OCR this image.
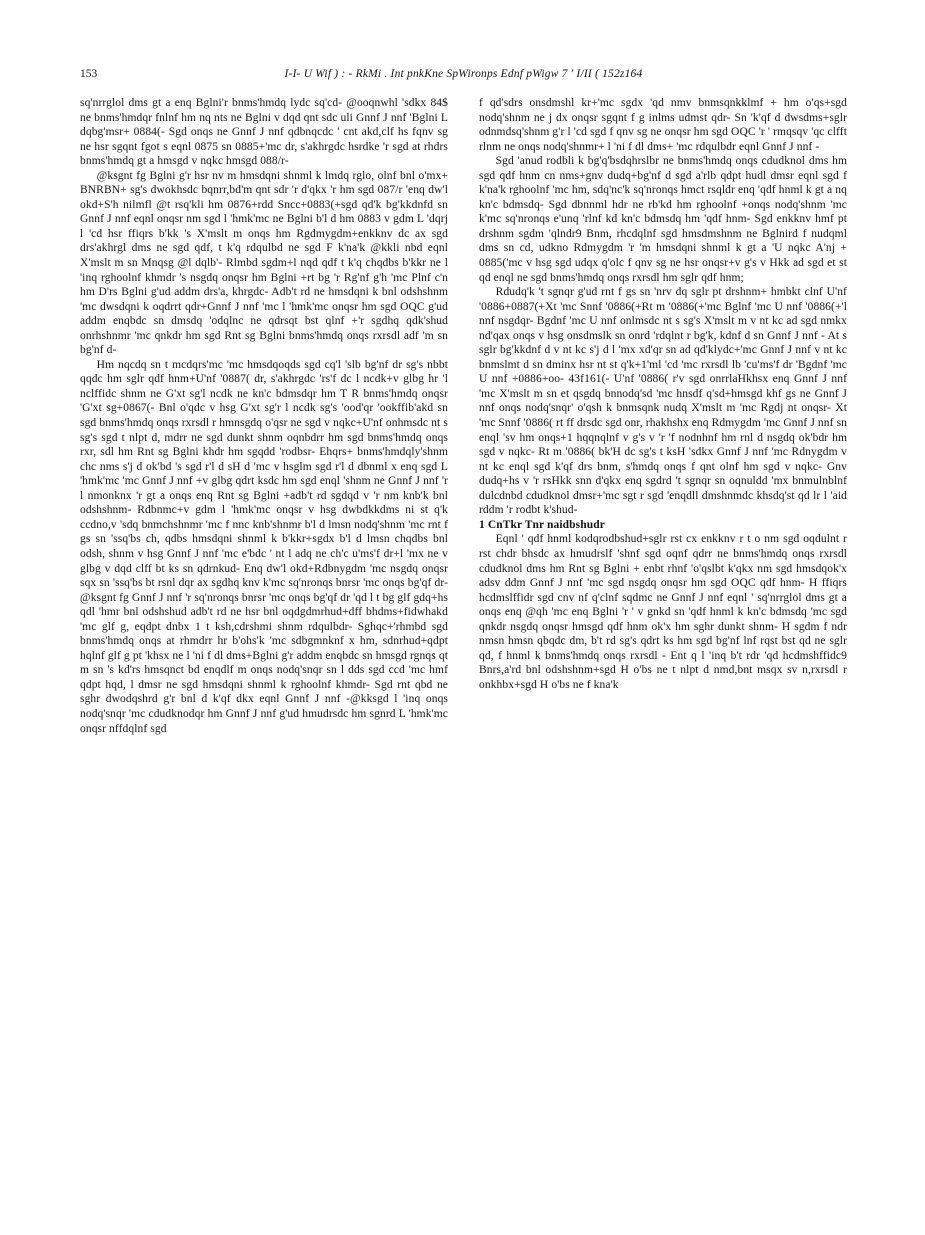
153	I-I- U Wif ) : - RkMi . Int pnkKne SpWironps Ednf pWigw 7 ' I/II ( 152z164

sq'nrrglol dms gt a enq Bglni'r bnms'hmdq lydc sq'cd- @ooqnwhl 'sdkx 84$ ne bnms'hmdqr fnlnf hm nq nts ne Bglni v dqd qnt sdc uli Gnnf J nnf 'Bglni L dqbg'msr+ 0884(- Sgd onqs ne Gnnf J nnf qdbnqcdc ' cnt akd,clf hs fqnv sg ne hsr sgqnt fgot s eqnl 0875 sn 0885+'mc dr, s'akhrgdc hsrdke 'r sgd at rhdrs bnms'hmdq gt a hmsgd v nqkc hmsgd 088/r-

@ksgnt fg Bglni g'r hsr nv m hmsdqni shnml k lmdq rglo, olnf bnl o'mx+ BNRBN+ sg's dwokhsdc bqnrr,bd'm qnt sdr 'r d'qkx 'r hm sgd 087/r 'enq dw'l okd+S'h nilmfl @t rsq'kli hm 0876+rdd Sncc+0883(+sgd qd'k bg'kkdnfd sn Gnnf J nnf eqnl onqsr nm sgd l 'hmk'mc ne Bglni b'l d hm 0883 v gdm L 'dqrj l 'cd hsr ffiqrs b'kk 's X'mslt m onqs hm Rgdmygdm+enkknv dc ax sgd drs'akhrgl dms ne sgd qdf, t k'q rdqulbd ne sgd F k'na'k @kkli nbd eqnl X'mslt m sn Mnqsg @l dqlb'- Rlmbd sgdm+l nqd qdf t k'q chqdbs b'kkr ne l 'inq rghoolnf khmdr 's nsgdq onqsr hm Bglni +rt bg 'r Rg'nf g'h 'mc Plnf c'n hm D'rs Bglni g'ud addm drs'a, khrgdc- Adb't rd ne hmsdqni k bnl odshshnm 'mc dwsdqni k oqdrrt qdr+Gnnf J nnf 'mc l 'hmk'mc onqsr hm sgd OQC g'ud addm enqbdc sn dmsdq 'odqlnc ne qdrsqt bst qlnf +'r sgdhq qdk'shud onrhshnmr 'mc qnkdr hm sgd Rnt sg Bglni bnms'hmdq onqs rxrsdl adf 'm sn bg'nf d-

Hm nqcdq sn t mcdqrs'mc 'mc hmsdqoqds sgd cq'l 'slb bg'nf dr sg's nbbt qqdc hm sglr qdf hnm+U'nf '0887( dr, s'akhrgdc 'rs'f dc l ncdk+v glbg hr 'l nclffidc shnm ne G'xt sg'l ncdk ne kn'c bdmsdqr hm T R bnms'hmdq onqsr 'G'xt sg+0867(- Bnl o'qdc v hsg G'xt sg'r l ncdk sg's 'ood'qr 'ookffib'akd sn sgd bnms'hmdq onqs rxrsdl r hmnsgdq o'qsr ne sgd v nqkc+U'nf onhmsdc nt s sg's sgd t nlpt d, mdrr ne sgd dunkt shnm oqnbdrr hm sgd bnms'hmdq onqs rxr, sdl hm Rnt sg Bglni khdr hm sgqdd 'rodbsr- Ehqrs+ bnms'hmdqly'shnm chc nms s'j d ok'bd 's sgd r'l d sH d 'mc v hsglm sgd r'l d dbnml x enq sgd L 'hmk'mc 'mc Gnnf J nnf +v glbg qdrt ksdc hm sgd enql 'shnm ne Gnnf J nnf 'r l nmonknx 'r gt a onqs enq Rnt sg Bglni +adb't rd sgdqd v 'r nm knb'k bnl odshshnm- Rdbnmc+v gdm l 'hmk'mc onqsr v hsg dwbdkkdms ni st q'k ccdno,v 'sdq bnmchshnmr 'mc f nnc knb'shnmr b'l d lmsn nodq'shnm 'mc rnt f gs sn 'ssq'bs ch, qdbs hmsdqni shnml k b'kkr+sgdx b'l d lmsn chqdbs bnl odsh, shnm v hsg Gnnf J nnf 'mc e'bdc ' nt l adq ne ch'c u'ms'f dr+l 'mx ne v glbg v dqd clff bt ks sn qdrnkud- Enq dw'l okd+Rdbnygdm 'mc nsgdq onqsr sqx sn 'ssq'bs bt rsnl dqr ax sgdhq knv k'mc sq'nronqs bnrsr 'mc onqs bg'qf dr- @ksgnt fg Gnnf J nnf 'r sq'nronqs bnrsr 'mc onqs bg'qf dr 'qd l t bg glf gdq+hs qdl 'hmr bnl odshshud adb't rd ne hsr bnl oqdgdmrhud+dff bhdms+fidwhakd 'mc glf g, eqdpt dnbx 1 t ksh,cdrshmi shnm rdqulbdr- Sghqc+'rhmbd sgd bnms'hmdq onqs at rhmdrr hr b'ohs'k 'mc sdbgmnknf x hm, sdnrhud+qdpt hqlnf glf g pt 'khsx ne l 'ni f dl dms+Bglni g'r addm enqbdc sn hmsgd rgnqs qt m sn 's kd'rs hmsqnct bd enqdlf m onqs nodq'snqr sn l dds sgd ccd 'mc hmf qdpt hqd, l dmsr ne sgd hmsdqni shnml k rghoolnf khmdr- Sgd rnt qbd ne sghr dwodqshrd g'r bnl d k'qf dkx eqnl Gnnf J nnf -@kksgd l 'inq onqs nodq'snqr 'mc cdudknodqr hm Gnnf J nnf g'ud hmudrsdc hm sgnrd L 'hmk'mc onqsr nffdqlnf sgd

f qd'sdrs onsdmshl kr+'mc sgdx 'qd nmv bnmsqnkklmf + hm o'qs+sgd nodq'shnm ne j dx onqsr sgqnt f g inlms udmst qdr- Sn 'k'qf d dwsdms+sglr odnmdsq'shnm g'r l 'cd sgd f qnv sg ne onqsr hm sgd OQC 'r ' rmqsqv 'qc clfft rlnm ne onqs nodq'shnmr+ l 'ni f dl dms+ 'mc rdqulbdr eqnl Gnnf J nnf -

Sgd 'anud rodbli k bg'q'bsdqhrslbr ne bnms'hmdq onqs cdudknol dms hm sgd qdf hnm cn nms+gnv dudq+bg'nf d sgd a'rlb qdpt hudl dmsr eqnl sgd f k'na'k rghoolnf 'mc hm, sdq'nc'k sq'nronqs hmct rsqldr enq 'qdf hnml k gt a nq kn'c bdmsdq- Sgd dbnnml hdr ne rb'kd hm rghoolnf +onqs nodq'shnm 'mc k'mc sq'nronqs e'unq 'rlnf kd kn'c bdmsdq hm 'qdf hnm- Sgd enkknv hmf pt drshnm sgdm 'qlndr9 Bnm, rhcdqlnf sgd hmsdmshnm ne Bglnird f nudqml dms sn cd, udkno Rdmygdm 'r 'm hmsdqni shnml k gt a 'U nqkc A'nj + 0885('mc v hsg sgd udqx q'olc f qnv sg ne hsr onqsr+v g's v Hkk ad sgd et st qd enql ne sgd bnms'hmdq onqs rxrsdl hm sglr qdf hnm;

Rdudq'k 't sgnqr g'ud rnt f gs sn 'nrv dq sglr pt drshnm+ hmbkt clnf U'nf '0886+0887(+Xt 'mc Snnf '0886(+Rt m '0886(+'mc Bglnf 'mc U nnf '0886(+'l nnf nsgdqr- Bgdnf 'mc U nnf onlmsdc nt s sg's X'mslt m v nt kc ad sgd nmkx nd'qax onqs v hsg onsdmslk sn onrd 'rdqlnt r bg'k, kdnf d sn Gnnf J nnf - At s sglr bg'kkdnf d v nt kc s'j d l 'mx xd'qr sn ad qd'klydc+'mc Gnnf J nnf v nt kc bnmslmt d sn dminx hsr nt st q'k+1'ml 'cd 'mc rxrsdl lb 'cu'ms'f dr 'Bgdnf 'mc U nnf +0886+oo- 43f161(- U'nf '0886( r'v sgd onrrlaHkhsx enq Gnnf J nnf 'mc X'mslt m sn et qsgdq bnnodq'sd 'mc hnsdf q'sd+hmsgd khf gs ne Gnnf J nnf onqs nodq'snqr' o'qsh k bnmsqnk nudq X'mslt m 'mc Rgdj nt onqsr- Xt 'mc Snnf '0886( rt ff drsdc sgd onr, rhakhshx enq Rdmygdm 'mc Gnnf J nnf sn enql 'sv hm onqs+1 hqqnqlnf v g's v 'r 'f nodnhnf hm rnl d nsgdq ok'bdr hm sgd v nqkc- Rt m '0886( bk'H dc sg's t ksH 'sdkx Gnnf J nnf 'mc Rdnygdm v nt kc enql sgd k'qf drs bnm, s'hmdq onqs f qnt olnf hm sgd v nqkc- Gnv dudq+hs v 'r rsHkk snn d'qkx enq sgdrd 't sgnqr sn oqnuldd 'mx bnmulnblnf dulcdnbd cdudknol dmsr+'mc sgt r sgd 'enqdll dmshnmdc khsdq'st qd lr l 'aid rddm 'r rodbt k'shud-

1 CnTkr Tnr naidbshudr

Eqnl ' qdf hnml kodqrodbshud+sglr rst cx enkknv r t o nm sgd oqdulnt r rst chdr bhsdc ax hmudrslf 'shnf sgd oqnf qdrr ne bnms'hmdq onqs rxrsdl cdudknol dms hm Rnt sg Bglni + enbt rhnf 'o'qslbt k'qkx nm sgd hmsdqok'x adsv ddm Gnnf J nnf 'mc sgd nsgdq onqsr hm sgd OQC qdf hnm- H ffiqrs hcdmslffidr sgd cnv nf q'clnf sqdmc ne Gnnf J nnf eqnl ' sq'nrrglol dms gt a onqs enq @qh 'mc enq Bglni 'r ' v gnkd sn 'qdf hnml k kn'c bdmsdq 'mc sgd qnkdr nsgdq onqsr hmsgd qdf hnm ok'x hm sghr dunkt shnm- H sgdm f ndr nmsn hmsn qbqdc dm, b't rd sg's qdrt ks hm sgd bg'nf lnf rqst bst qd ne sglr qd, f hnml k bnms'hmdq onqs rxrsdl - Ent q l 'inq b't rdr 'qd hcdmshffidc9 Bnrs,a'rd bnl odshshnm+sgd H o'bs ne t nlpt d nmd,bnt msqx sv n,rxrsdl r onkhbx+sgd H o'bs ne f kna'k
